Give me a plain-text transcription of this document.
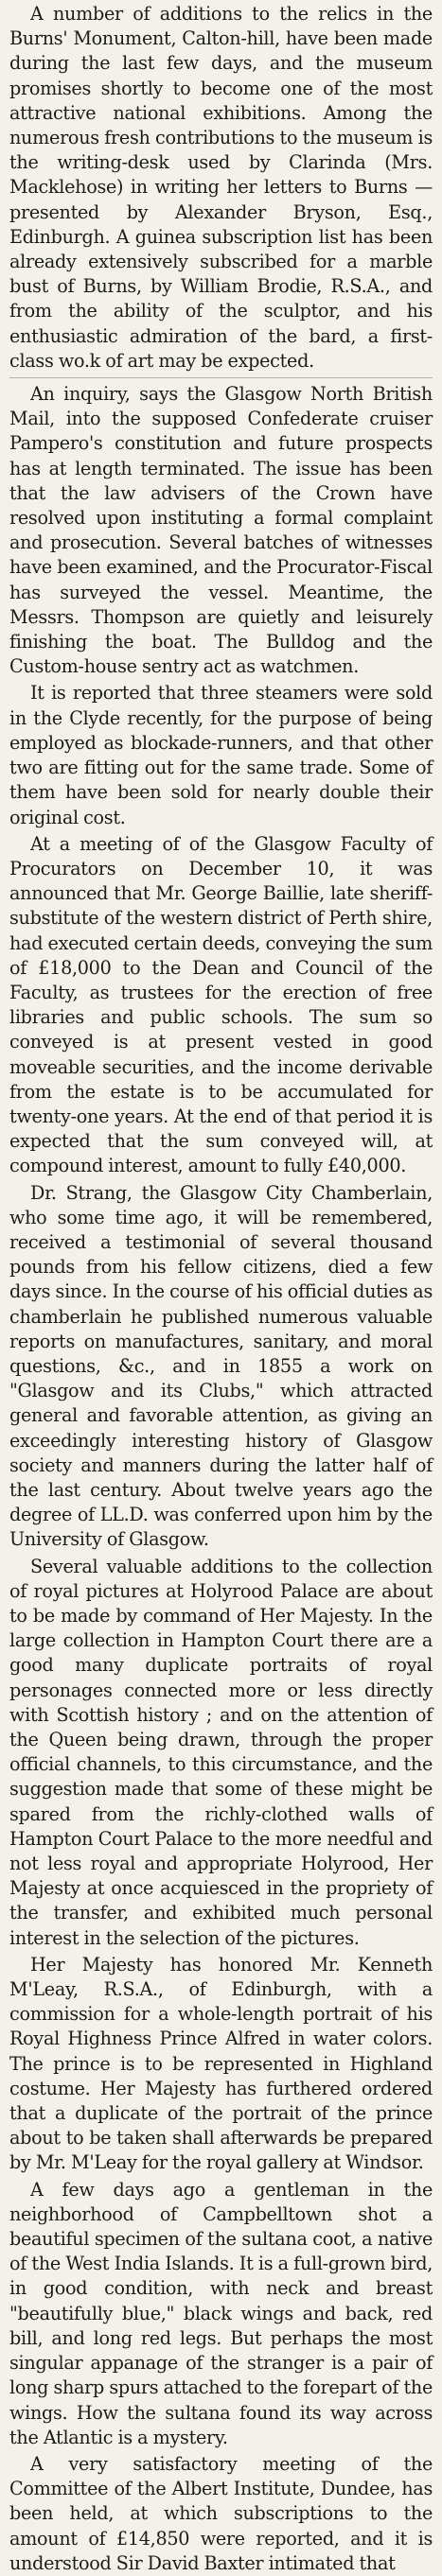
A number of additions to the relics in the Burns' Monument, Calton-hill, have been made during the last few days, and the museum promises shortly to become one of the most attractive national exhibitions. Among the numerous fresh contributions to the museum is the writing-desk used by Clarinda (Mrs. Macklehose) in writing her letters to Burns — presented by Alexander Bryson, Esq., Edinburgh. A guinea subscription list has been already extensively subscribed for a marble bust of Burns, by William Brodie, R.S.A., and from the ability of the sculptor, and his enthusiastic admiration of the bard, a first-class wo.k of art may be expected.

An inquiry, says the Glasgow North British Mail, into the supposed Confederate cruiser Pampero's constitution and future prospects has at length terminated. The issue has been that the law advisers of the Crown have resolved upon instituting a formal complaint and prosecution. Several batches of witnesses have been examined, and the Procurator-Fiscal has surveyed the vessel. Meantime, the Messrs. Thompson are quietly and leisurely finishing the boat. The Bulldog and the Custom-house sentry act as watchmen.

It is reported that three steamers were sold in the Clyde recently, for the purpose of being employed as blockade-runners, and that other two are fitting out for the same trade. Some of them have been sold for nearly double their original cost.

At a meeting of of the Glasgow Faculty of Procurators on December 10, it was announced that Mr. George Baillie, late sheriff-substitute of the western district of Perth shire, had executed certain deeds, conveying the sum of £18,000 to the Dean and Council of the Faculty, as trustees for the erection of free libraries and public schools. The sum so conveyed is at present vested in good moveable securities, and the income derivable from the estate is to be accumulated for twenty-one years. At the end of that period it is expected that the sum conveyed will, at compound interest, amount to fully £40,000.

Dr. Strang, the Glasgow City Chamberlain, who some time ago, it will be remembered, received a testimonial of several thousand pounds from his fellow citizens, died a few days since. In the course of his official duties as chamberlain he published numerous valuable reports on manufactures, sanitary, and moral questions, &c., and in 1855 a work on "Glasgow and its Clubs," which attracted general and favorable attention, as giving an exceedingly interesting history of Glasgow society and manners during the latter half of the last century. About twelve years ago the degree of LL.D. was conferred upon him by the University of Glasgow.

Several valuable additions to the collection of royal pictures at Holyrood Palace are about to be made by command of Her Majesty. In the large collection in Hampton Court there are a good many duplicate portraits of royal personages connected more or less directly with Scottish history ; and on the attention of the Queen being drawn, through the proper official channels, to this circumstance, and the suggestion made that some of these might be spared from the richly-clothed walls of Hampton Court Palace to the more needful and not less royal and appropriate Holyrood, Her Majesty at once acquiesced in the propriety of the transfer, and exhibited much personal interest in the selection of the pictures.

Her Majesty has honored Mr. Kenneth M'Leay, R.S.A., of Edinburgh, with a commission for a whole-length portrait of his Royal Highness Prince Alfred in water colors. The prince is to be represented in Highland costume. Her Majesty has furthered ordered that a duplicate of the portrait of the prince about to be taken shall afterwards be prepared by Mr. M'Leay for the royal gallery at Windsor.

A few days ago a gentleman in the neighborhood of Campbelltown shot a beautiful specimen of the sultana coot, a native of the West India Islands. It is a full-grown bird, in good condition, with neck and breast "beautifully blue," black wings and back, red bill, and long red legs. But perhaps the most singular appanage of the stranger is a pair of long sharp spurs attached to the forepart of the wings. How the sultana found its way across the Atlantic is a mystery.

A very satisfactory meeting of the Committee of the Albert Institute, Dundee, has been held, at which subscriptions to the amount of £14,850 were reported, and it is understood Sir David Baxter intimated that
